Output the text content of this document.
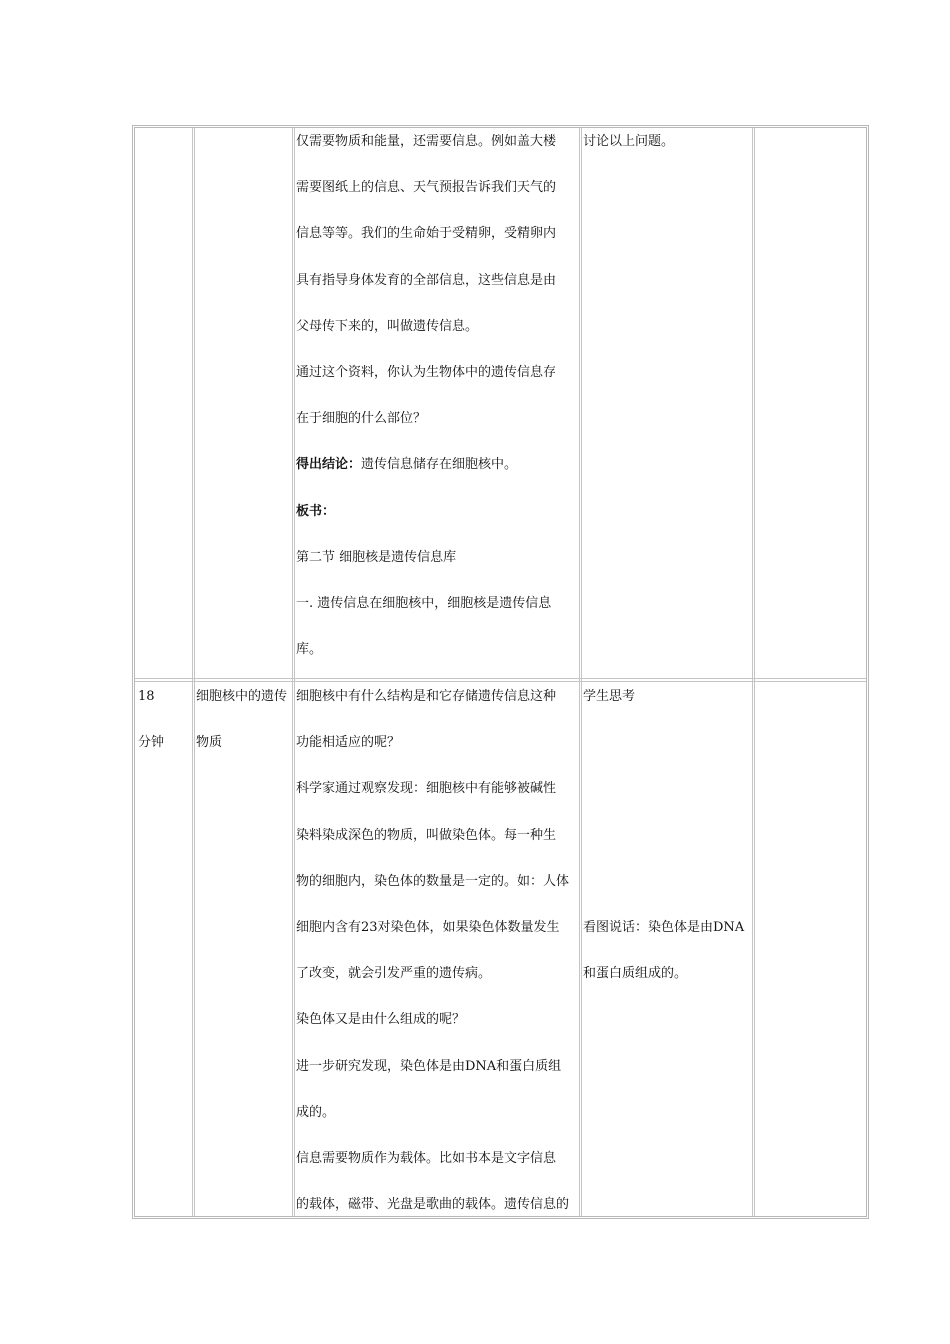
仅需要物质和能量，还需要信息。例如盖大楼

需要图纸上的信息、天气预报告诉我们天气的

信息等等。我们的生命始于受精卵，受精卵内

具有指导身体发育的全部信息，这些信息是由

父母传下来的，叫做遗传信息。

通过这个资料，你认为生物体中的遗传信息存

在于细胞的什么部位？

得出结论：遗传信息储存在细胞核中。

板书：

第二节 细胞核是遗传信息库

一. 遗传信息在细胞核中，细胞核是遗传信息

库。

讨论以上问题。

18

分钟

细胞核中的遗传

物质

细胞核中有什么结构是和它存储遗传信息这种

功能相适应的呢？

科学家通过观察发现：细胞核中有能够被碱性

染料染成深色的物质，叫做染色体。每一种生

物的细胞内，染色体的数量是一定的。如：人体

细胞内含有23对染色体，如果染色体数量发生

了改变，就会引发严重的遗传病。

染色体又是由什么组成的呢？

进一步研究发现，染色体是由DNA和蛋白质组

成的。

信息需要物质作为载体。比如书本是文字信息

的载体，磁带、光盘是歌曲的载体。遗传信息的

学生思考

看图说话：染色体是由DNA

和蛋白质组成的。
